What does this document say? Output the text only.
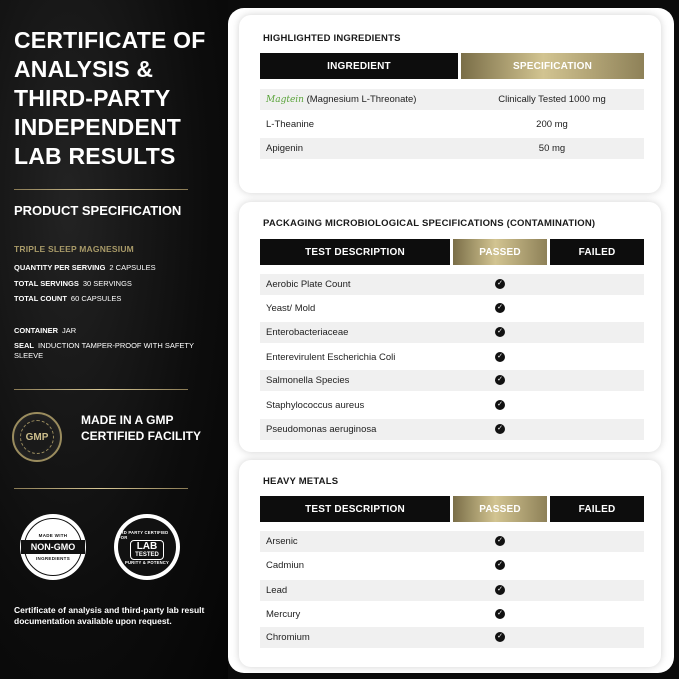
CERTIFICATE OF ANALYSIS & THIRD-PARTY INDEPENDENT LAB RESULTS
PRODUCT SPECIFICATION
TRIPLE SLEEP MAGNESIUM
QUANTITY PER SERVING 2 CAPSULES
TOTAL SERVINGS 30 SERVINGS
TOTAL COUNT 60 CAPSULES
CONTAINER JAR
SEAL INDUCTION TAMPER-PROOF WITH SAFETY SLEEVE
GMP
MADE IN A GMP CERTIFIED FACILITY
MADE WITH
NON-GMO
INGREDIENTS
3RD PARTY CERTIFIED FOR
LAB
TESTED
PURITY & POTENCY
Certificate of analysis and third-party lab result documentation available upon request.
HIGHLIGHTED INGREDIENTS
INGREDIENT	SPECIFICATION
Magtein (Magnesium L-Threonate)	Clinically Tested 1000 mg
L-Theanine	200 mg
Apigenin	50 mg
PACKAGING MICROBIOLOGICAL SPECIFICATIONS (CONTAMINATION)
TEST DESCRIPTION	PASSED	FAILED
Aerobic Plate Count	✓
Yeast/ Mold	✓
Enterobacteriaceae	✓
Enterevirulent Escherichia Coli	✓
Salmonella Species	✓
Staphylococcus aureus	✓
Pseudomonas aeruginosa	✓
HEAVY METALS
TEST DESCRIPTION	PASSED	FAILED
Arsenic	✓
Cadmiun	✓
Lead	✓
Mercury	✓
Chromium	✓
